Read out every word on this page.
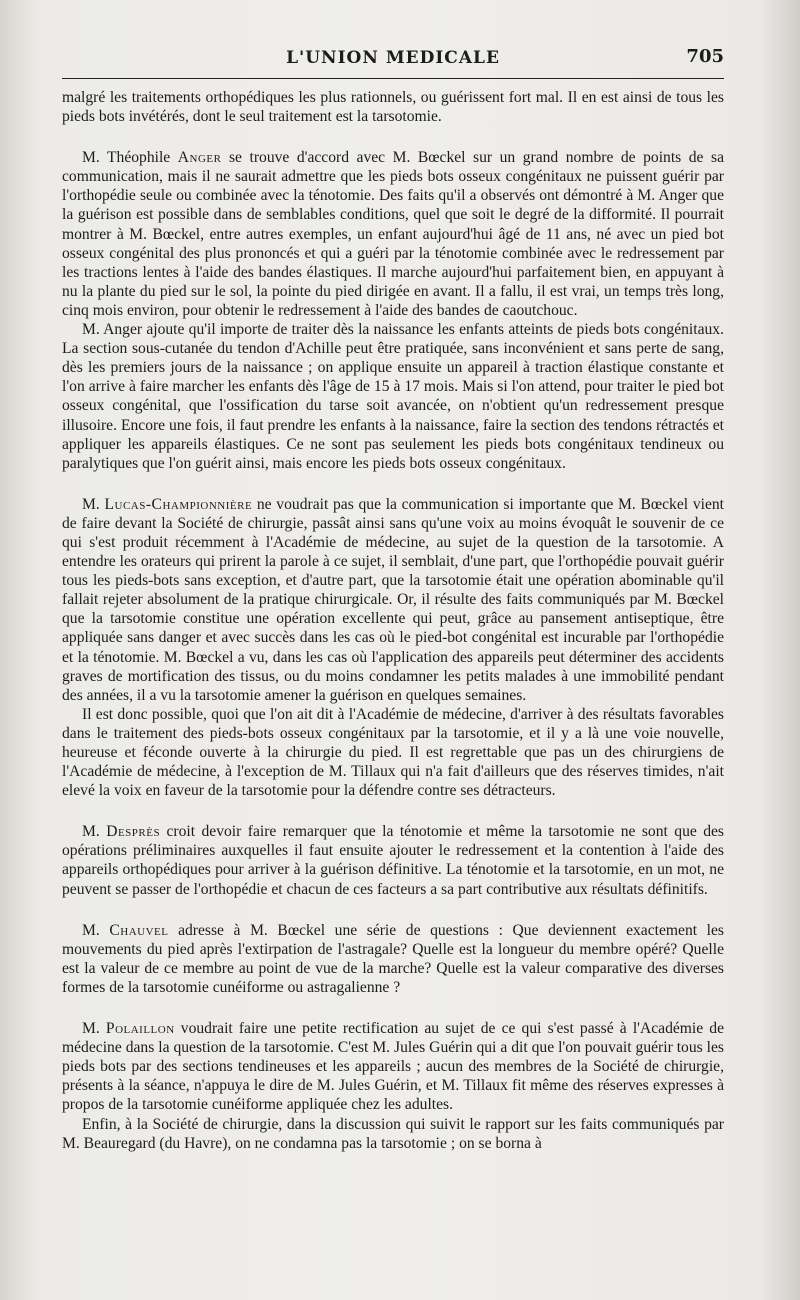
L'UNION MEDICALE	705

malgré les traitements orthopédiques les plus rationnels, ou guérissent fort mal. Il en est ainsi de tous les pieds bots invétérés, dont le seul traitement est la tarsotomie.

M. Théophile Anger se trouve d'accord avec M. Bœckel sur un grand nombre de points de sa communication, mais il ne saurait admettre que les pieds bots osseux congénitaux ne puissent guérir par l'orthopédie seule ou combinée avec la ténotomie. Des faits qu'il a observés ont démontré à M. Anger que la guérison est possible dans de semblables conditions, quel que soit le degré de la difformité. Il pourrait montrer à M. Bœckel, entre autres exemples, un enfant aujourd'hui âgé de 11 ans, né avec un pied bot osseux congénital des plus prononcés et qui a guéri par la ténotomie combinée avec le redressement par les tractions lentes à l'aide des bandes élastiques. Il marche aujourd'hui parfaitement bien, en appuyant à nu la plante du pied sur le sol, la pointe du pied dirigée en avant. Il a fallu, il est vrai, un temps très long, cinq mois environ, pour obtenir le redressement à l'aide des bandes de caoutchouc.

M. Anger ajoute qu'il importe de traiter dès la naissance les enfants atteints de pieds bots congénitaux. La section sous-cutanée du tendon d'Achille peut être pratiquée, sans inconvénient et sans perte de sang, dès les premiers jours de la naissance ; on applique ensuite un appareil à traction élastique constante et l'on arrive à faire marcher les enfants dès l'âge de 15 à 17 mois. Mais si l'on attend, pour traiter le pied bot osseux congénital, que l'ossification du tarse soit avancée, on n'obtient qu'un redressement presque illusoire. Encore une fois, il faut prendre les enfants à la naissance, faire la section des tendons rétractés et appliquer les appareils élastiques. Ce ne sont pas seulement les pieds bots congénitaux tendineux ou paralytiques que l'on guérit ainsi, mais encore les pieds bots osseux congénitaux.

M. Lucas-Championnière ne voudrait pas que la communication si importante que M. Bœckel vient de faire devant la Société de chirurgie, passât ainsi sans qu'une voix au moins évoquât le souvenir de ce qui s'est produit récemment à l'Académie de médecine, au sujet de la question de la tarsotomie. A entendre les orateurs qui prirent la parole à ce sujet, il semblait, d'une part, que l'orthopédie pouvait guérir tous les pieds-bots sans exception, et d'autre part, que la tarsotomie était une opération abominable qu'il fallait rejeter absolument de la pratique chirurgicale. Or, il résulte des faits communiqués par M. Bœckel que la tarsotomie constitue une opération excellente qui peut, grâce au pansement antiseptique, être appliquée sans danger et avec succès dans les cas où le pied-bot congénital est incurable par l'orthopédie et la ténotomie. M. Bœckel a vu, dans les cas où l'application des appareils peut déterminer des accidents graves de mortification des tissus, ou du moins condamner les petits malades à une immobilité pendant des années, il a vu la tarsotomie amener la guérison en quelques semaines.

Il est donc possible, quoi que l'on ait dit à l'Académie de médecine, d'arriver à des résultats favorables dans le traitement des pieds-bots osseux congénitaux par la tarsotomie, et il y a là une voie nouvelle, heureuse et féconde ouverte à la chirurgie du pied. Il est regrettable que pas un des chirurgiens de l'Académie de médecine, à l'exception de M. Tillaux qui n'a fait d'ailleurs que des réserves timides, n'ait elevé la voix en faveur de la tarsotomie pour la défendre contre ses détracteurs.

M. Desprès croit devoir faire remarquer que la ténotomie et même la tarsotomie ne sont que des opérations préliminaires auxquelles il faut ensuite ajouter le redressement et la contention à l'aide des appareils orthopédiques pour arriver à la guérison définitive. La ténotomie et la tarsotomie, en un mot, ne peuvent se passer de l'orthopédie et chacun de ces facteurs a sa part contributive aux résultats définitifs.

M. Chauvel adresse à M. Bœckel une série de questions : Que deviennent exactement les mouvements du pied après l'extirpation de l'astragale? Quelle est la longueur du membre opéré? Quelle est la valeur de ce membre au point de vue de la marche? Quelle est la valeur comparative des diverses formes de la tarsotomie cunéiforme ou astragalienne ?

M. Polaillon voudrait faire une petite rectification au sujet de ce qui s'est passé à l'Académie de médecine dans la question de la tarsotomie. C'est M. Jules Guérin qui a dit que l'on pouvait guérir tous les pieds bots par des sections tendineuses et les appareils ; aucun des membres de la Société de chirurgie, présents à la séance, n'appuya le dire de M. Jules Guérin, et M. Tillaux fit même des réserves expresses à propos de la tarsotomie cunéiforme appliquée chez les adultes.

Enfin, à la Société de chirurgie, dans la discussion qui suivit le rapport sur les faits communiqués par M. Beauregard (du Havre), on ne condamna pas la tarsotomie ; on se borna à
